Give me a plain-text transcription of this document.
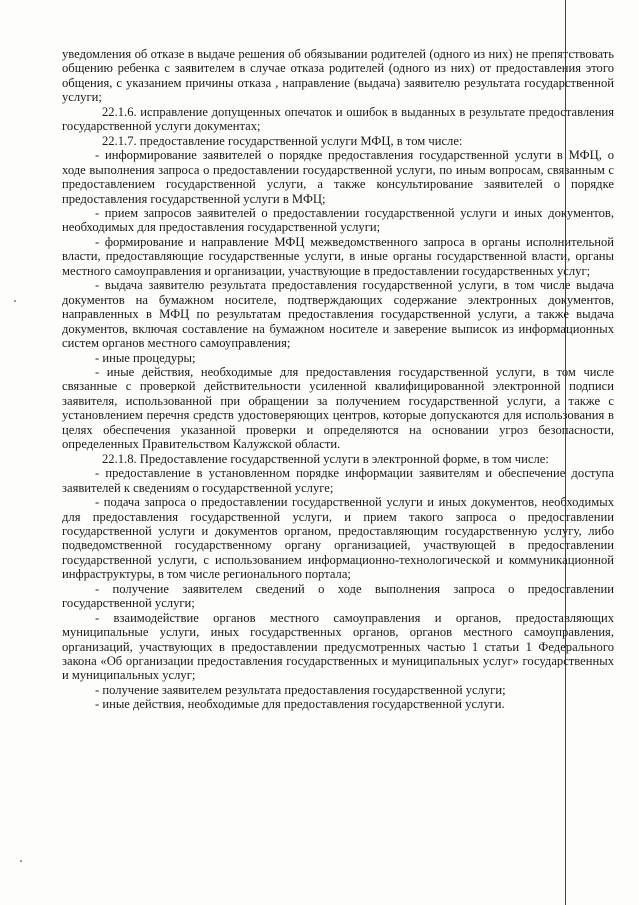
уведомления об отказе в выдаче решения об обязывании родителей (одного из них) не препятствовать общению ребенка с заявителем в случае отказа родителей (одного из них) от предоставления этого общения, с указанием причины отказа , направление (выдача) заявителю результата государственной услуги;

22.1.6. исправление допущенных опечаток и ошибок в выданных в результате предоставления государственной услуги документах;

22.1.7. предоставление государственной услуги МФЦ, в том числе:

- информирование заявителей о порядке предоставления государственной услуги в МФЦ, о ходе выполнения запроса о предоставлении государственной услуги, по иным вопросам, связанным с предоставлением государственной услуги, а также консультирование заявителей о порядке предоставления государственной услуги в МФЦ;

- прием запросов заявителей о предоставлении государственной услуги и иных документов, необходимых для предоставления государственной услуги;

- формирование и направление МФЦ межведомственного запроса в органы исполнительной власти, предоставляющие государственные услуги, в иные органы государственной власти, органы местного самоуправления и организации, участвующие в предоставлении государственных услуг;

- выдача заявителю результата предоставления государственной услуги, в том числе выдача документов на бумажном носителе, подтверждающих содержание электронных документов, направленных в МФЦ по результатам предоставления государственной услуги, а также выдача документов, включая составление на бумажном носителе и заверение выписок из информационных систем органов местного самоуправления;

- иные процедуры;

- иные действия, необходимые для предоставления государственной услуги, в том числе связанные с проверкой действительности усиленной квалифицированной электронной подписи заявителя, использованной при обращении за получением государственной услуги, а также с установлением перечня средств удостоверяющих центров, которые допускаются для использования в целях обеспечения указанной проверки и определяются на основании угроз безопасности, определенных Правительством Калужской области.

22.1.8. Предоставление государственной услуги в электронной форме, в том числе:

- предоставление в установленном порядке информации заявителям и обеспечение доступа заявителей к сведениям о государственной услуге;

- подача запроса о предоставлении государственной услуги и иных документов, необходимых для предоставления государственной услуги, и прием такого запроса о предоставлении государственной услуги и документов органом, предоставляющим государственную услугу, либо подведомственной государственному органу организацией, участвующей в предоставлении государственной услуги, с использованием информационно-технологической и коммуникационной инфраструктуры, в том числе регионального портала;

- получение заявителем сведений о ходе выполнения запроса о предоставлении государственной услуги;

- взаимодействие органов местного самоуправления и органов, предоставляющих муниципальные услуги, иных государственных органов, органов местного самоуправления, организаций, участвующих в предоставлении предусмотренных частью 1 статьи 1 Федерального закона «Об организации предоставления государственных и муниципальных услуг» государственных и муниципальных услуг;

- получение заявителем результата предоставления государственной услуги;

- иные действия, необходимые для предоставления государственной услуги.
